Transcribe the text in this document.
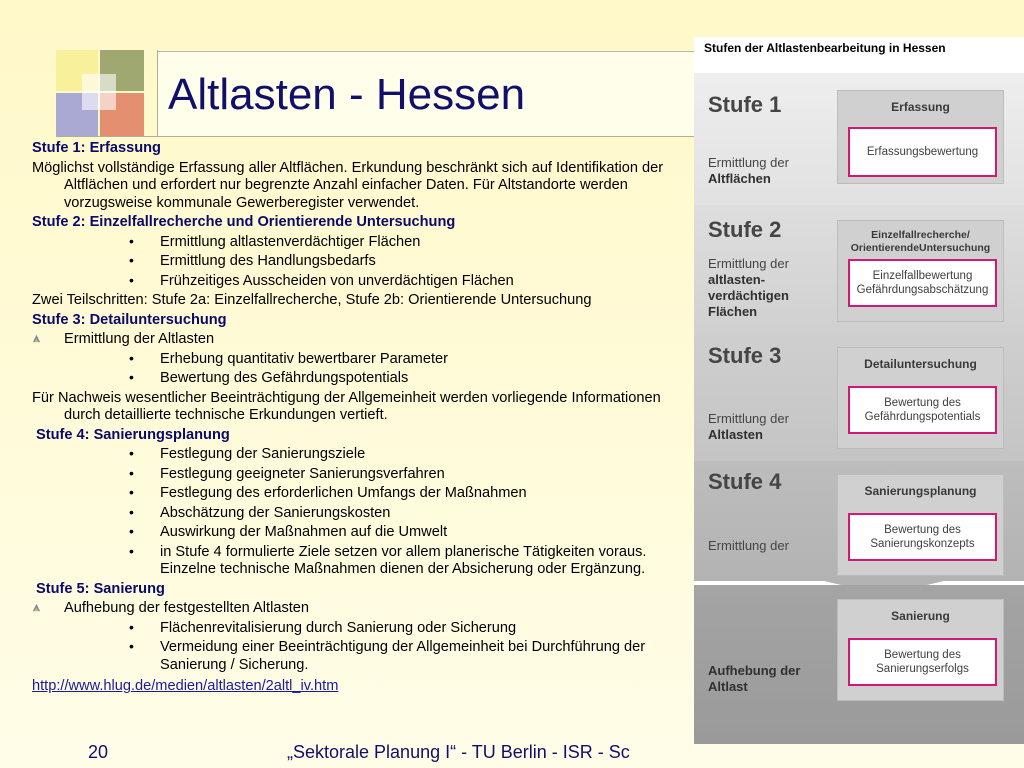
Altlasten - Hessen

Stufe 1: Erfassung

Möglichst vollständige Erfassung aller Altflächen. Erkundung beschränkt sich auf Identifikation der Altflächen und erfordert nur begrenzte Anzahl einfacher Daten. Für Altstandorte werden vorzugsweise kommunale Gewerberegister verwendet.

Stufe 2: Einzelfallrecherche und Orientierende Untersuchung

• Ermittlung altlastenverdächtiger Flächen

• Ermittlung des Handlungsbedarfs

• Frühzeitiges Ausscheiden von unverdächtigen Flächen

Zwei Teilschritten: Stufe 2a: Einzelfallrecherche, Stufe 2b: Orientierende Untersuchung

Stufe 3: Detailuntersuchung

Ermittlung der Altlasten

• Erhebung quantitativ bewertbarer Parameter

• Bewertung des Gefährdungspotentials

Für Nachweis wesentlicher Beeinträchtigung der Allgemeinheit werden vorliegende Informationen durch detaillierte technische Erkundungen vertieft.

Stufe 4: Sanierungsplanung

• Festlegung der Sanierungsziele

• Festlegung geeigneter Sanierungsverfahren

• Festlegung des erforderlichen Umfangs der Maßnahmen

• Abschätzung der Sanierungskosten

• Auswirkung der Maßnahmen auf die Umwelt

• in Stufe 4 formulierte Ziele setzen vor allem planerische Tätigkeiten voraus. Einzelne technische Maßnahmen dienen der Absicherung oder Ergänzung.

Stufe 5: Sanierung

Aufhebung der festgestellten Altlasten

• Flächenrevitalisierung durch Sanierung oder Sicherung

• Vermeidung einer Beeinträchtigung der Allgemeinheit bei Durchführung der Sanierung / Sicherung.

http://www.hlug.de/medien/altlasten/2altl_iv.htm

Stufen der Altlastenbearbeitung in Hessen
Stufe 1
Ermittlung der
Altflächen
Erfassung
Erfassungsbewertung
Stufe 2
Ermittlung der
altlasten-
verdächtigen
Flächen
Einzelfallrecherche/
OrientierendeUntersuchung
Einzelfallbewertung
Gefährdungsabschätzung
Stufe 3
Ermittlung der
Altlasten
Detailuntersuchung
Bewertung des
Gefährdungspotentials
Stufe 4
Ermittlung der
Sanierungsplanung
Bewertung des
Sanierungskonzepts
Aufhebung der
Altlast
Sanierung
Bewertung des
Sanierungserfolgs
20	„Sektorale Planung I“ - TU Berlin - ISR - Sc
